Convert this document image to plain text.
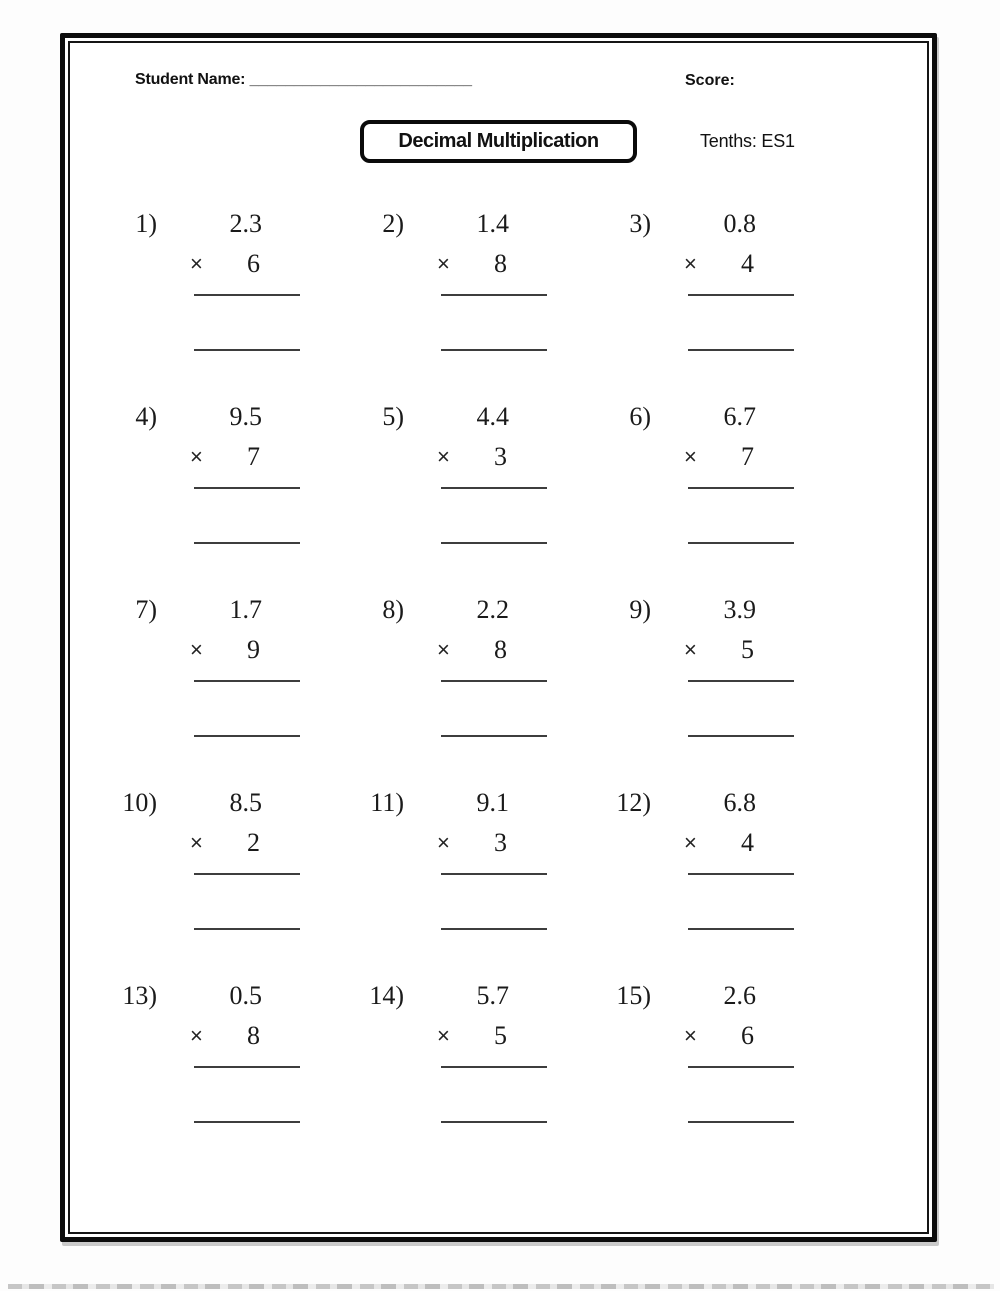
Student Name: _________________________	Score:
Decimal Multiplication	Tenths: ES1
1)	2.3
×	6
2)	1.4
×	8
3)	0.8
×	4
4)	9.5
×	7
5)	4.4
×	3
6)	6.7
×	7
7)	1.7
×	9
8)	2.2
×	8
9)	3.9
×	5
10)	8.5
×	2
11)	9.1
×	3
12)	6.8
×	4
13)	0.5
×	8
14)	5.7
×	5
15)	2.6
×	6
